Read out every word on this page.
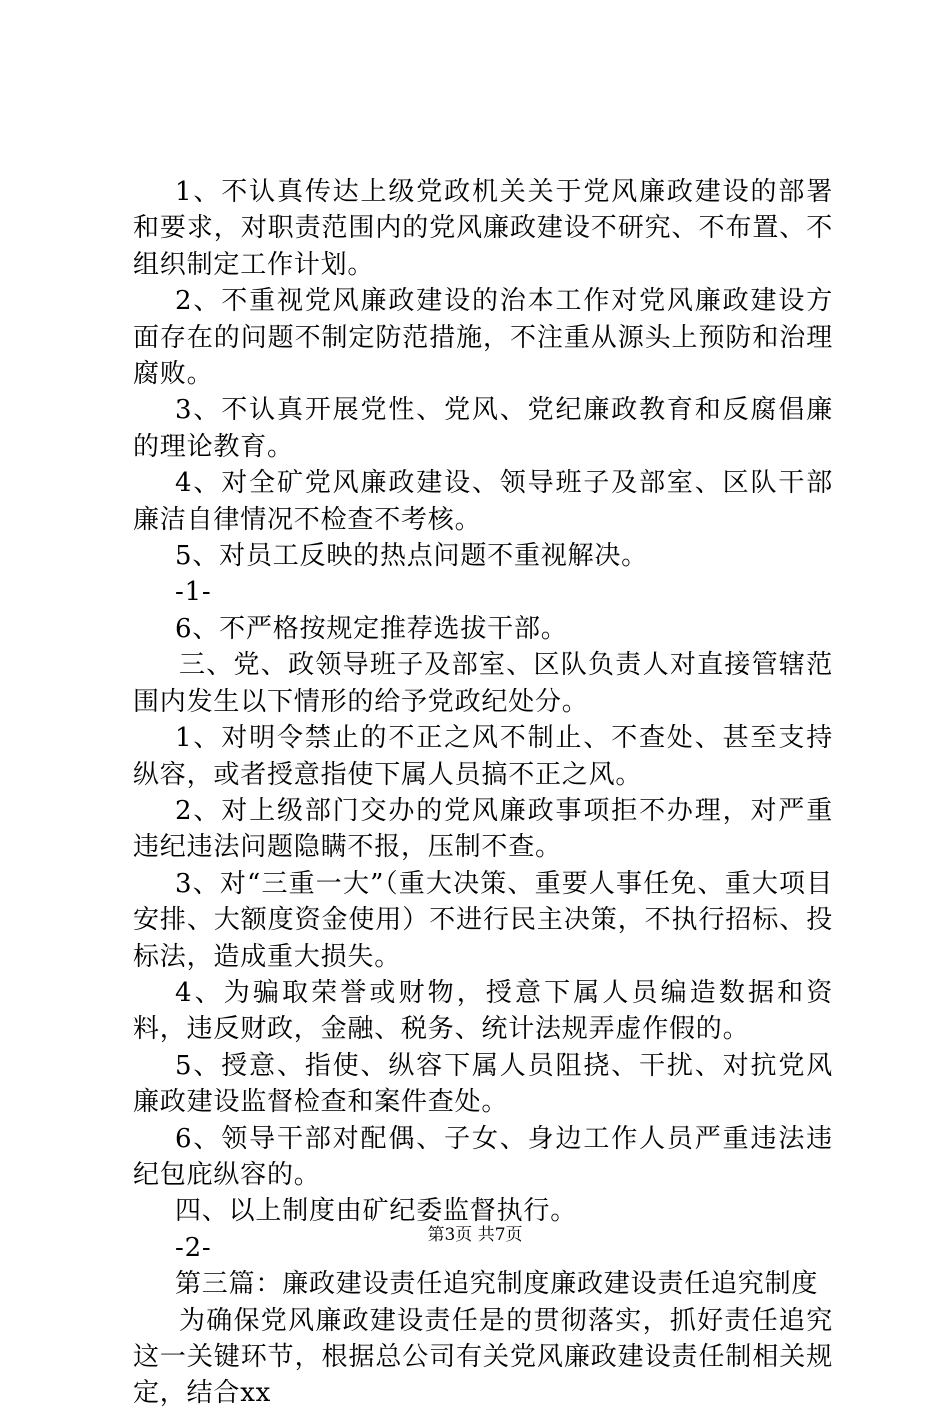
1、不认真传达上级党政机关关于党风廉政建设的部署和要求，对职责范围内的党风廉政建设不研究、不布置、不组织制定工作计划。

2、不重视党风廉政建设的治本工作对党风廉政建设方面存在的问题不制定防范措施，不注重从源头上预防和治理腐败。

3、不认真开展党性、党风、党纪廉政教育和反腐倡廉的理论教育。

4、对全矿党风廉政建设、领导班子及部室、区队干部廉洁自律情况不检查不考核。

5、对员工反映的热点问题不重视解决。

-1-

6、不严格按规定推荐选拔干部。

三、党、政领导班子及部室、区队负责人对直接管辖范围内发生以下情形的给予党政纪处分。

1、对明令禁止的不正之风不制止、不查处、甚至支持纵容，或者授意指使下属人员搞不正之风。

2、对上级部门交办的党风廉政事项拒不办理，对严重违纪违法问题隐瞒不报，压制不查。

3、对“三重一大”（重大决策、重要人事任免、重大项目安排、大额度资金使用）不进行民主决策，不执行招标、投标法，造成重大损失。

4、为骗取荣誉或财物，授意下属人员编造数据和资料，违反财政，金融、税务、统计法规弄虚作假的。

5、授意、指使、纵容下属人员阻挠、干扰、对抗党风廉政建设监督检查和案件查处。

6、领导干部对配偶、子女、身边工作人员严重违法违纪包庇纵容的。

四、以上制度由矿纪委监督执行。

-2-

第三篇：廉政建设责任追究制度廉政建设责任追究制度

为确保党风廉政建设责任是的贯彻落实，抓好责任追究这一关键环节，根据总公司有关党风廉政建设责任制相关规定，结合xx

第3页 共7页
